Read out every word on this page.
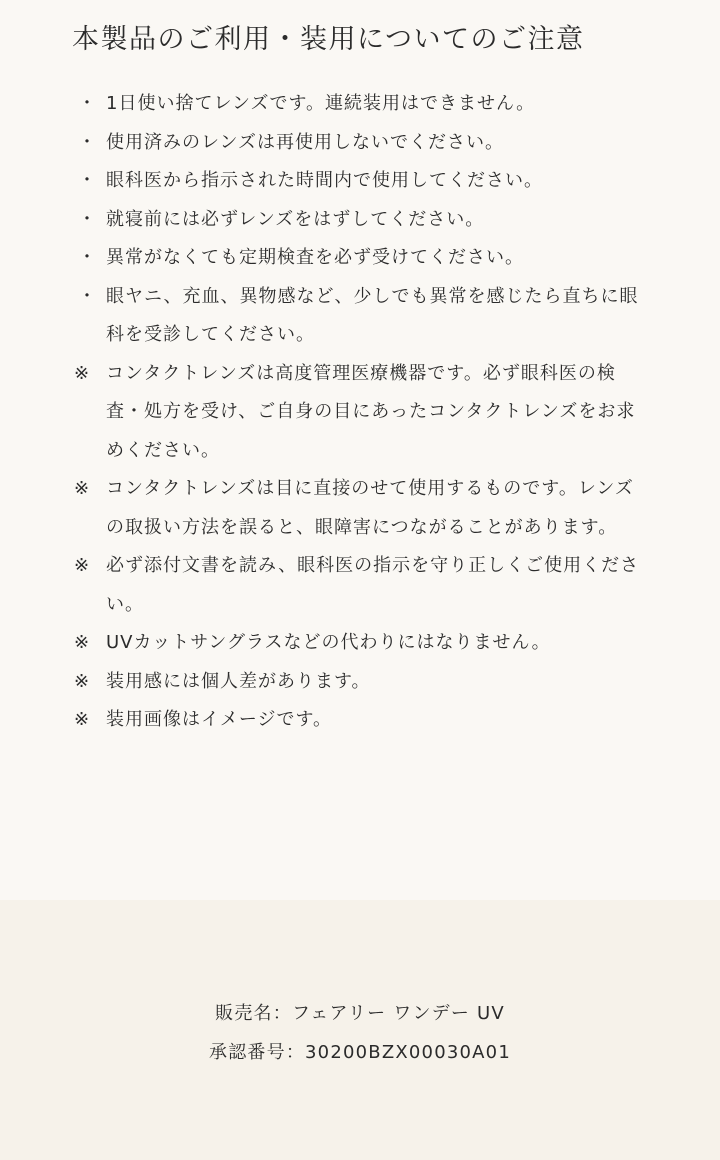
本製品のご利用・装用についてのご注意
・ 1日使い捨てレンズです。連続装用はできません。
・ 使用済みのレンズは再使用しないでください。
・ 眼科医から指示された時間内で使用してください。
・ 就寝前には必ずレンズをはずしてください。
・ 異常がなくても定期検査を必ず受けてください。
・ 眼ヤニ、充血、異物感など、少しでも異常を感じたら直ちに眼科を受診してください。
※ コンタクトレンズは高度管理医療機器です。必ず眼科医の検査・処方を受け、ご自身の目にあったコンタクトレンズをお求めください。
※ コンタクトレンズは目に直接のせて使用するものです。レンズの取扱い方法を誤ると、眼障害につながることがあります。
※ 必ず添付文書を読み、眼科医の指示を守り正しくご使用ください。
※ UVカットサングラスなどの代わりにはなりません。
※ 装用感には個人差があります。
※ 装用画像はイメージです。
販売名：フェアリー ワンデー UV
承認番号：30200BZX00030A01
